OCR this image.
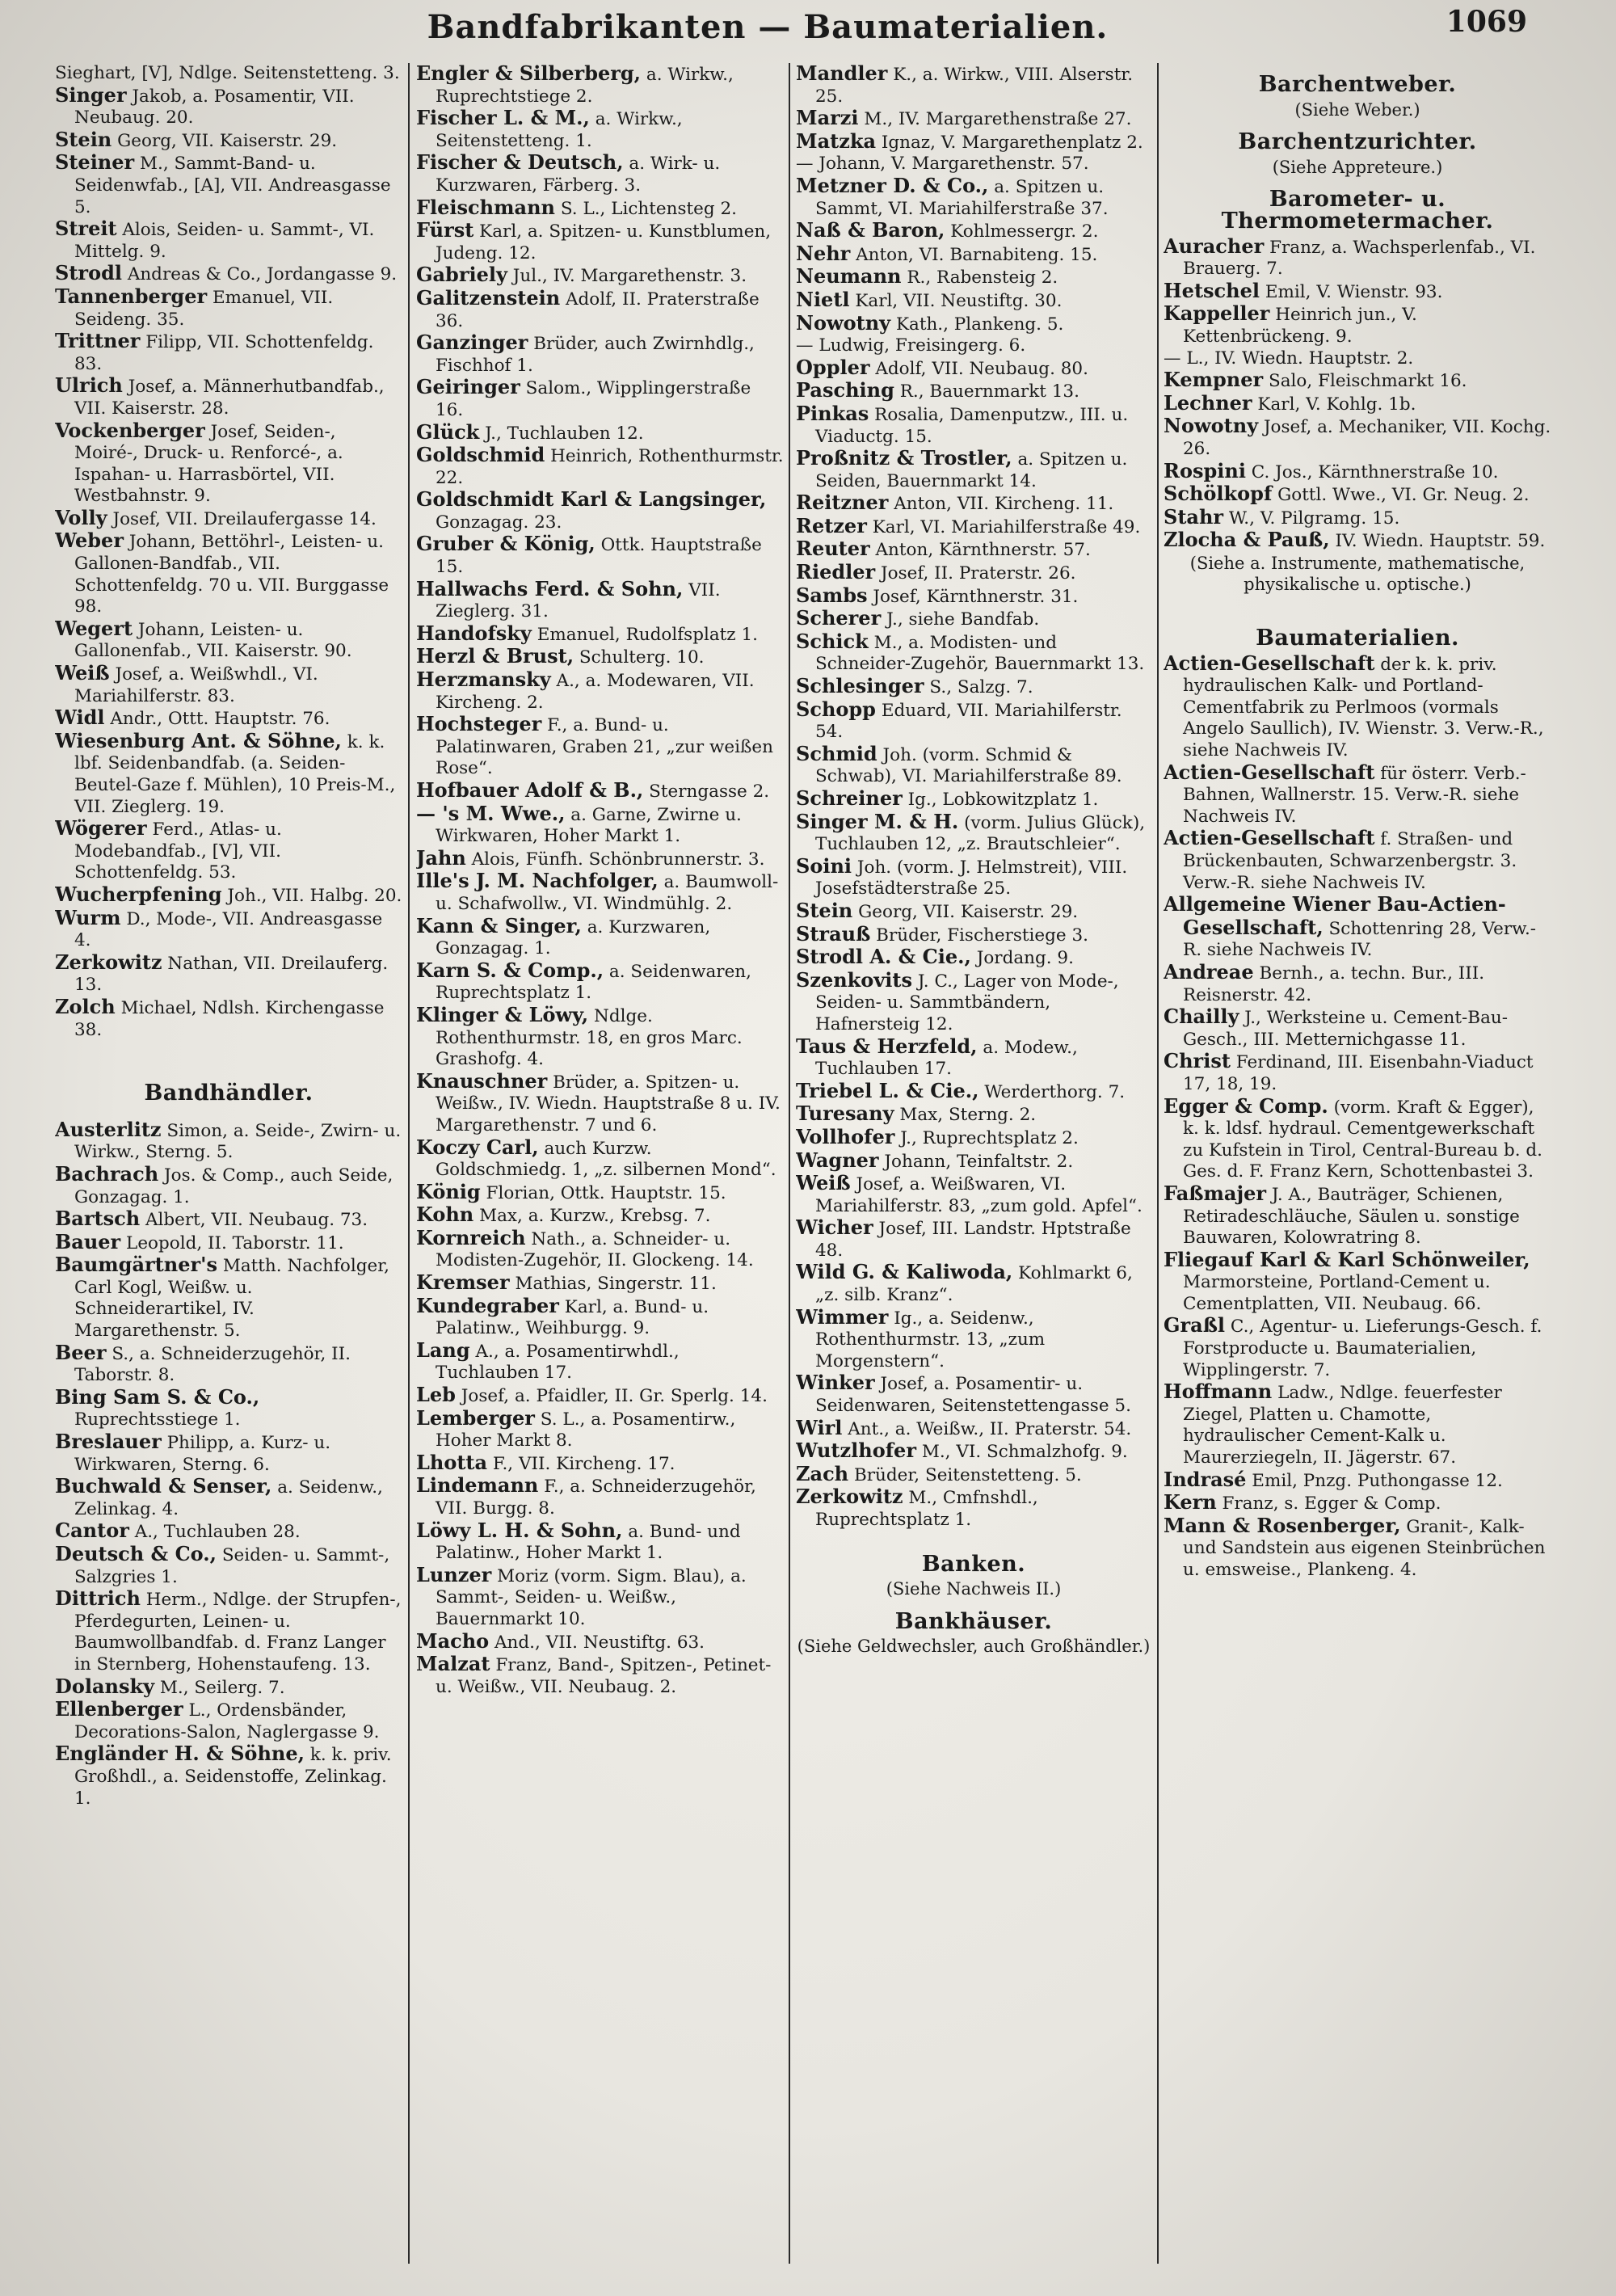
Bandfabrikanten — Baumaterialien.	1069

Sieghart, [V], Ndlge. Seitenstetteng. 3.

Singer Jakob, a. Posamentir, VII. Neubaug. 20.

Stein Georg, VII. Kaiserstr. 29.

Steiner M., Sammt-Band- u. Seidenwfab., [A], VII. Andreasgasse 5.

Streit Alois, Seiden- u. Sammt-, VI. Mittelg. 9.

Strodl Andreas & Co., Jordangasse 9.

Tannenberger Emanuel, VII. Seideng. 35.

Trittner Filipp, VII. Schottenfeldg. 83.

Ulrich Josef, a. Männerhutbandfab., VII. Kaiserstr. 28.

Vockenberger Josef, Seiden-, Moiré-, Druck- u. Renforcé-, a. Ispahan- u. Harrasbörtel, VII. Westbahnstr. 9.

Volly Josef, VII. Dreilaufergasse 14.

Weber Johann, Bettöhrl-, Leisten- u. Gallonen-Bandfab., VII. Schottenfeldg. 70 u. VII. Burggasse 98.

Wegert Johann, Leisten- u. Gallonenfab., VII. Kaiserstr. 90.

Weiß Josef, a. Weißwhdl., VI. Mariahilferstr. 83.

Widl Andr., Ottt. Hauptstr. 76.

Wiesenburg Ant. & Söhne, k. k. lbf. Seidenbandfab. (a. Seiden-Beutel-Gaze f. Mühlen), 10 Preis-M., VII. Zieglerg. 19.

Wögerer Ferd., Atlas- u. Modebandfab., [V], VII. Schottenfeldg. 53.

Wucherpfening Joh., VII. Halbg. 20.

Wurm D., Mode-, VII. Andreasgasse 4.

Zerkowitz Nathan, VII. Dreilauferg. 13.

Zolch Michael, Ndlsh. Kirchengasse 38.

Bandhändler.

Austerlitz Simon, a. Seide-, Zwirn- u. Wirkw., Sterng. 5.

Bachrach Jos. & Comp., auch Seide, Gonzagag. 1.

Bartsch Albert, VII. Neubaug. 73.

Bauer Leopold, II. Taborstr. 11.

Baumgärtner's Matth. Nachfolger, Carl Kogl, Weißw. u. Schneiderartikel, IV. Margarethenstr. 5.

Beer S., a. Schneiderzugehör, II. Taborstr. 8.

Bing Sam S. & Co., Ruprechtsstiege 1.

Breslauer Philipp, a. Kurz- u. Wirkwaren, Sterng. 6.

Buchwald & Senser, a. Seidenw., Zelinkag. 4.

Cantor A., Tuchlauben 28.

Deutsch & Co., Seiden- u. Sammt-, Salzgries 1.

Dittrich Herm., Ndlge. der Strupfen-, Pferdegurten, Leinen- u. Baumwollbandfab. d. Franz Langer in Sternberg, Hohenstaufeng. 13.

Dolansky M., Seilerg. 7.

Ellenberger L., Ordensbänder, Decorations-Salon, Naglergasse 9.

Engländer H. & Söhne, k. k. priv. Großhdl., a. Seidenstoffe, Zelinkag. 1.

Engler & Silberberg, a. Wirkw., Ruprechtstiege 2.

Fischer L. & M., a. Wirkw., Seitenstetteng. 1.

Fischer & Deutsch, a. Wirk- u. Kurzwaren, Färberg. 3.

Fleischmann S. L., Lichtensteg 2.

Fürst Karl, a. Spitzen- u. Kunstblumen, Judeng. 12.

Gabriely Jul., IV. Margarethenstr. 3.

Galitzenstein Adolf, II. Praterstraße 36.

Ganzinger Brüder, auch Zwirnhdlg., Fischhof 1.

Geiringer Salom., Wipplingerstraße 16.

Glück J., Tuchlauben 12.

Goldschmid Heinrich, Rothenthurmstr. 22.

Goldschmidt Karl & Langsinger, Gonzagag. 23.

Gruber & König, Ottk. Hauptstraße 15.

Hallwachs Ferd. & Sohn, VII. Zieglerg. 31.

Handofsky Emanuel, Rudolfsplatz 1.

Herzl & Brust, Schulterg. 10.

Herzmansky A., a. Modewaren, VII. Kircheng. 2.

Hochsteger F., a. Bund- u. Palatinwaren, Graben 21, „zur weißen Rose“.

Hofbauer Adolf & B., Sterngasse 2.

— 's M. Wwe., a. Garne, Zwirne u. Wirkwaren, Hoher Markt 1.

Jahn Alois, Fünfh. Schönbrunnerstr. 3.

Ille's J. M. Nachfolger, a. Baumwoll- u. Schafwollw., VI. Windmühlg. 2.

Kann & Singer, a. Kurzwaren, Gonzagag. 1.

Karn S. & Comp., a. Seidenwaren, Ruprechtsplatz 1.

Klinger & Löwy, Ndlge. Rothenthurmstr. 18, en gros Marc. Grashofg. 4.

Knauschner Brüder, a. Spitzen- u. Weißw., IV. Wiedn. Hauptstraße 8 u. IV. Margarethenstr. 7 und 6.

Koczy Carl, auch Kurzw. Goldschmiedg. 1, „z. silbernen Mond“.

König Florian, Ottk. Hauptstr. 15.

Kohn Max, a. Kurzw., Krebsg. 7.

Kornreich Nath., a. Schneider- u. Modisten-Zugehör, II. Glockeng. 14.

Kremser Mathias, Singerstr. 11.

Kundegraber Karl, a. Bund- u. Palatinw., Weihburgg. 9.

Lang A., a. Posamentirwhdl., Tuchlauben 17.

Leb Josef, a. Pfaidler, II. Gr. Sperlg. 14.

Lemberger S. L., a. Posamentirw., Hoher Markt 8.

Lhotta F., VII. Kircheng. 17.

Lindemann F., a. Schneiderzugehör, VII. Burgg. 8.

Löwy L. H. & Sohn, a. Bund- und Palatinw., Hoher Markt 1.

Lunzer Moriz (vorm. Sigm. Blau), a. Sammt-, Seiden- u. Weißw., Bauernmarkt 10.

Macho And., VII. Neustiftg. 63.

Malzat Franz, Band-, Spitzen-, Petinet- u. Weißw., VII. Neubaug. 2.

Mandler K., a. Wirkw., VIII. Alserstr. 25.

Marzi M., IV. Margarethenstraße 27.

Matzka Ignaz, V. Margarethenplatz 2.

— Johann, V. Margarethenstr. 57.

Metzner D. & Co., a. Spitzen u. Sammt, VI. Mariahilferstraße 37.

Naß & Baron, Kohlmessergr. 2.

Nehr Anton, VI. Barnabiteng. 15.

Neumann R., Rabensteig 2.

Nietl Karl, VII. Neustiftg. 30.

Nowotny Kath., Plankeng. 5.

— Ludwig, Freisingerg. 6.

Oppler Adolf, VII. Neubaug. 80.

Pasching R., Bauernmarkt 13.

Pinkas Rosalia, Damenputzw., III. u. Viaductg. 15.

Proßnitz & Trostler, a. Spitzen u. Seiden, Bauernmarkt 14.

Reitzner Anton, VII. Kircheng. 11.

Retzer Karl, VI. Mariahilferstraße 49.

Reuter Anton, Kärnthnerstr. 57.

Riedler Josef, II. Praterstr. 26.

Sambs Josef, Kärnthnerstr. 31.

Scherer J., siehe Bandfab.

Schick M., a. Modisten- und Schneider-Zugehör, Bauernmarkt 13.

Schlesinger S., Salzg. 7.

Schopp Eduard, VII. Mariahilferstr. 54.

Schmid Joh. (vorm. Schmid & Schwab), VI. Mariahilferstraße 89.

Schreiner Ig., Lobkowitzplatz 1.

Singer M. & H. (vorm. Julius Glück), Tuchlauben 12, „z. Brautschleier“.

Soini Joh. (vorm. J. Helmstreit), VIII. Josefstädterstraße 25.

Stein Georg, VII. Kaiserstr. 29.

Strauß Brüder, Fischerstiege 3.

Strodl A. & Cie., Jordang. 9.

Szenkovits J. C., Lager von Mode-, Seiden- u. Sammtbändern, Hafnersteig 12.

Taus & Herzfeld, a. Modew., Tuchlauben 17.

Triebel L. & Cie., Werderthorg. 7.

Turesany Max, Sterng. 2.

Vollhofer J., Ruprechtsplatz 2.

Wagner Johann, Teinfaltstr. 2.

Weiß Josef, a. Weißwaren, VI. Mariahilferstr. 83, „zum gold. Apfel“.

Wicher Josef, III. Landstr. Hptstraße 48.

Wild G. & Kaliwoda, Kohlmarkt 6, „z. silb. Kranz“.

Wimmer Ig., a. Seidenw., Rothenthurmstr. 13, „zum Morgenstern“.

Winker Josef, a. Posamentir- u. Seidenwaren, Seitenstettengasse 5.

Wirl Ant., a. Weißw., II. Praterstr. 54.

Wutzlhofer M., VI. Schmalzhofg. 9.

Zach Brüder, Seitenstetteng. 5.

Zerkowitz M., Cmfnshdl., Ruprechtsplatz 1.

Banken.
(Siehe Nachweis II.)
Bankhäuser.
(Siehe Geldwechsler, auch Großhändler.)
Barchentweber.
(Siehe Weber.)
Barchentzurichter.
(Siehe Appreteure.)
Barometer- u. Thermometermacher.

Auracher Franz, a. Wachsperlenfab., VI. Brauerg. 7.

Hetschel Emil, V. Wienstr. 93.

Kappeller Heinrich jun., V. Kettenbrückeng. 9.

— L., IV. Wiedn. Hauptstr. 2.

Kempner Salo, Fleischmarkt 16.

Lechner Karl, V. Kohlg. 1b.

Nowotny Josef, a. Mechaniker, VII. Kochg. 26.

Rospini C. Jos., Kärnthnerstraße 10.

Schölkopf Gottl. Wwe., VI. Gr. Neug. 2.

Stahr W., V. Pilgramg. 15.

Zlocha & Pauß, IV. Wiedn. Hauptstr. 59.

(Siehe a. Instrumente, mathematische, physikalische u. optische.)
Baumaterialien.

Actien-Gesellschaft der k. k. priv. hydraulischen Kalk- und Portland-Cementfabrik zu Perlmoos (vormals Angelo Saullich), IV. Wienstr. 3. Verw.-R., siehe Nachweis IV.

Actien-Gesellschaft für österr. Verb.-Bahnen, Wallnerstr. 15. Verw.-R. siehe Nachweis IV.

Actien-Gesellschaft f. Straßen- und Brückenbauten, Schwarzenbergstr. 3. Verw.-R. siehe Nachweis IV.

Allgemeine Wiener Bau-Actien-Gesellschaft, Schottenring 28, Verw.-R. siehe Nachweis IV.

Andreae Bernh., a. techn. Bur., III. Reisnerstr. 42.

Chailly J., Werksteine u. Cement-Bau-Gesch., III. Metternichgasse 11.

Christ Ferdinand, III. Eisenbahn-Viaduct 17, 18, 19.

Egger & Comp. (vorm. Kraft & Egger), k. k. ldsf. hydraul. Cementgewerkschaft zu Kufstein in Tirol, Central-Bureau b. d. Ges. d. F. Franz Kern, Schottenbastei 3.

Faßmajer J. A., Bauträger, Schienen, Retiradeschläuche, Säulen u. sonstige Bauwaren, Kolowratring 8.

Fliegauf Karl & Karl Schönweiler, Marmorsteine, Portland-Cement u. Cementplatten, VII. Neubaug. 66.

Graßl C., Agentur- u. Lieferungs-Gesch. f. Forstproducte u. Baumaterialien, Wipplingerstr. 7.

Hoffmann Ladw., Ndlge. feuerfester Ziegel, Platten u. Chamotte, hydraulischer Cement-Kalk u. Maurerziegeln, II. Jägerstr. 67.

Indrasé Emil, Pnzg. Puthongasse 12.

Kern Franz, s. Egger & Comp.

Mann & Rosenberger, Granit-, Kalk- und Sandstein aus eigenen Steinbrüchen u. emsweise., Plankeng. 4.
